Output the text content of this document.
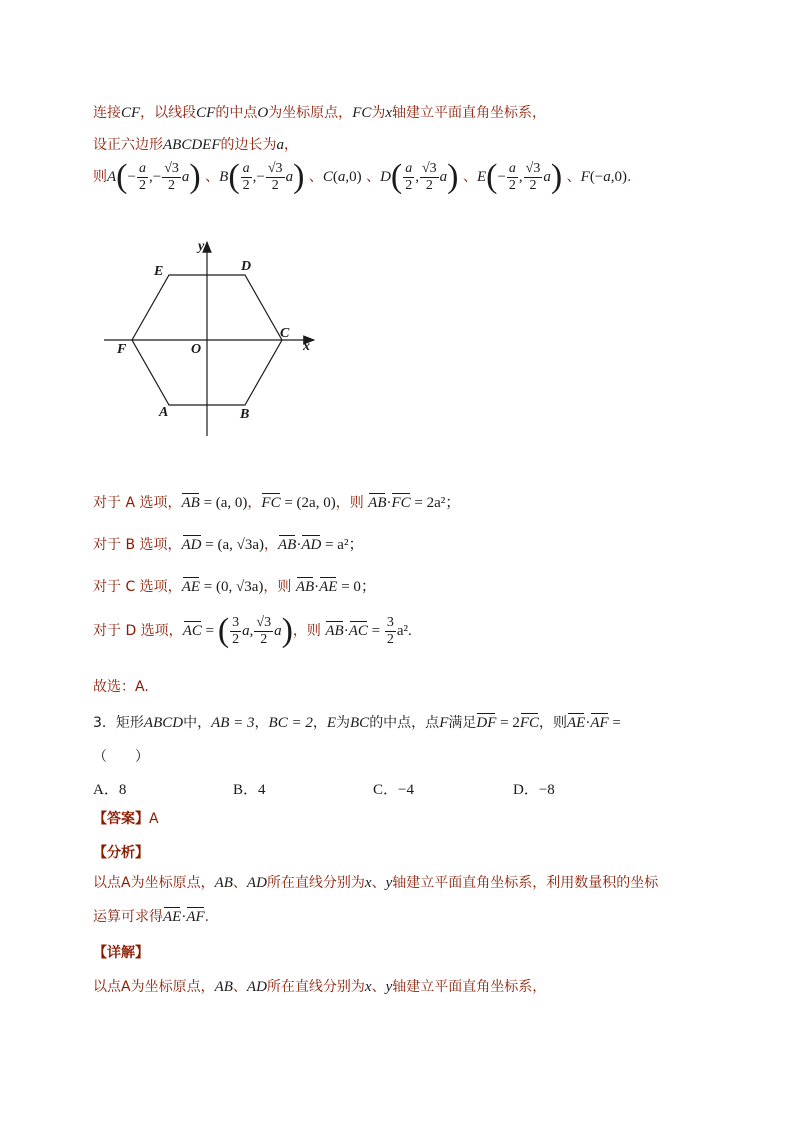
连接CF，以线段CF的中点O为坐标原点，FC为x轴建立平面直角坐标系，
设正六边形ABCDEF的边长为a，
则$A(- \frac{a}{2}$ ,− $\frac{√3}{2} a$) 、$B( \frac{a}{2}$ ,− $\frac{√3}{2} a$) 、C(a,0) 、$D( \frac{a}{2}$ , $\frac{√3}{2} a$) 、$E(- \frac{a}{2}$ , $\frac{√3}{2} a$) 、F(−a,0).
y
E	D
F	O
C
x
A	B
对于 A 选项，AB = (a, 0)，FC = (2a, 0)，则 AB·FC = 2a²；
对于 B 选项，AD = (a, √3a)，AB·AD = a²；
对于 C 选项，AE = (0, √3a)，则 AB·AE = 0；
对于 D 选项，AC = ( $\frac{3}{2} a$, $\frac{√3}{2} a$)，则 $AB\cdot AC = \frac{3}{2} a^2$.
故选：A.
3．矩形ABCD中，AB = 3，BC = 2，E为BC的中点，点F满足DF = 2FC，则AE·AF =
（　　）
A．8	B．4	C．−4	D．−8
【答案】A
【分析】
以点A为坐标原点，AB、AD所在直线分别为x、y轴建立平面直角坐标系，利用数量积的坐标
运算可求得AE·AF.
【详解】
以点A为坐标原点，AB、AD所在直线分别为x、y轴建立平面直角坐标系，
